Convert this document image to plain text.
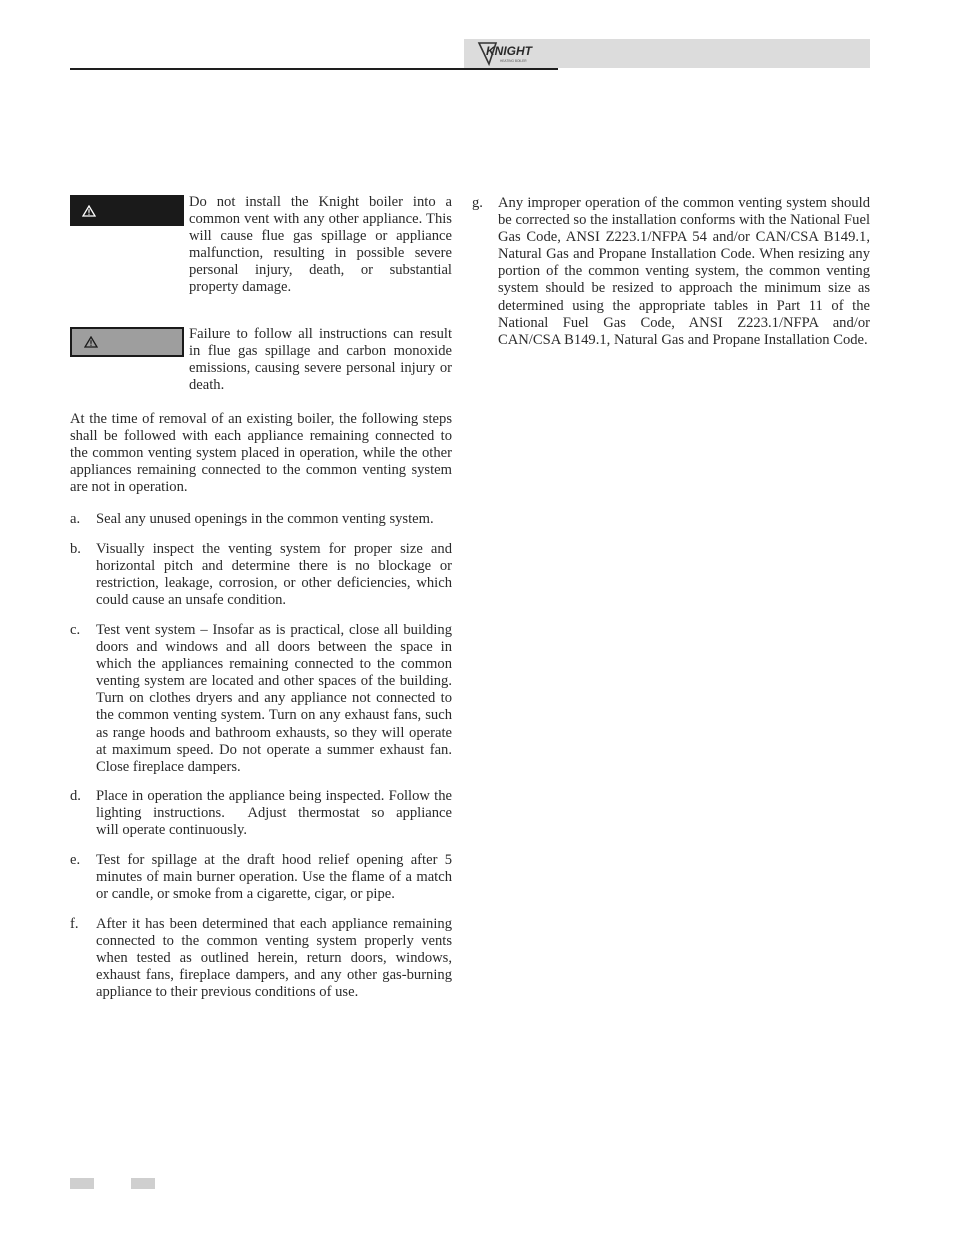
KNIGHT
HEATING BOILER

Do not install the Knight boiler into a common vent with any other appliance. This will cause flue gas spillage or appliance malfunction, resulting in possible severe personal injury, death, or substantial property damage.

Failure to follow all instructions can result in flue gas spillage and carbon monoxide emissions, causing severe personal injury or death.

At the time of removal of an existing boiler, the following steps shall be followed with each appliance remaining connected to the common venting system placed in operation, while the other appliances remaining connected to the common venting system are not in operation.

a. Seal any unused openings in the common venting system.

b. Visually inspect the venting system for proper size and horizontal pitch and determine there is no blockage or restriction, leakage, corrosion, or other deficiencies, which could cause an unsafe condition.

c. Test vent system – Insofar as is practical, close all building doors and windows and all doors between the space in which the appliances remaining connected to the common venting system are located and other spaces of the building. Turn on clothes dryers and any appliance not connected to the common venting system. Turn on any exhaust fans, such as range hoods and bathroom exhausts, so they will operate at maximum speed. Do not operate a summer exhaust fan. Close fireplace dampers.

d. Place in operation the appliance being inspected. Follow the lighting instructions.  Adjust thermostat so appliance        will operate continuously.

e. Test for spillage at the draft hood relief opening after 5 minutes of main burner operation. Use the flame of a match or candle, or smoke from a cigarette, cigar, or pipe.

f. After it has been determined that each appliance remaining connected to the common venting system properly vents when tested as outlined herein, return doors, windows, exhaust fans, fireplace dampers, and any other gas-burning appliance to their previous conditions of use.

g. Any improper operation of the common venting system should be corrected so the installation conforms with the National Fuel Gas Code, ANSI Z223.1/NFPA 54 and/or CAN/CSA B149.1, Natural Gas and Propane Installation Code. When resizing any portion of the common venting system, the common venting system should be resized to approach the minimum size as determined using the appropriate tables in Part 11 of the National Fuel Gas Code, ANSI Z223.1/NFPA and/or CAN/CSA B149.1, Natural Gas and Propane Installation Code.
